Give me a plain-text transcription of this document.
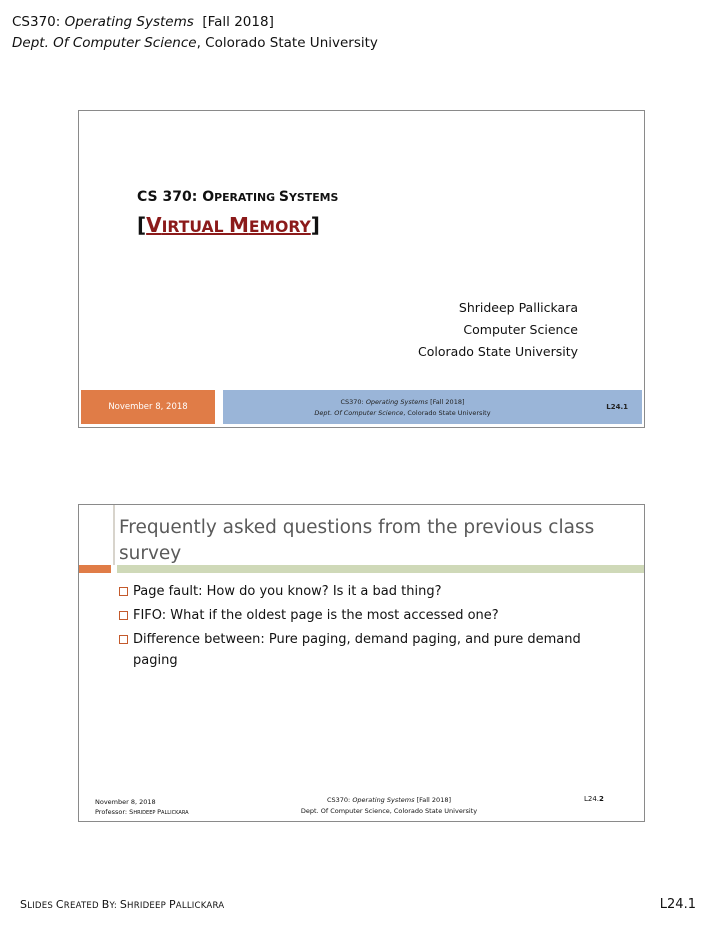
CS370: Operating Systems  [Fall 2018]
Dept. Of Computer Science, Colorado State University
CS 370: OPERATING SYSTEMS
[VIRTUAL MEMORY]
Shrideep Pallickara
Computer Science
Colorado State University
November 8, 2018	CS370: Operating Systems [Fall 2018]
Dept. Of Computer Science, Colorado State University
L24.1
Frequently asked questions from the previous class survey
Page fault: How do you know? Is it a bad thing?
FIFO: What if the oldest page is the most accessed one?
Difference between: Pure paging, demand paging, and pure demand paging
November 8, 2018
Professor: SHRIDEEP PALLICKARA
CS370: Operating Systems [Fall 2018]
Dept. Of Computer Science, Colorado State University
L24.2
SLIDES CREATED BY: SHRIDEEP PALLICKARA	L24.1
